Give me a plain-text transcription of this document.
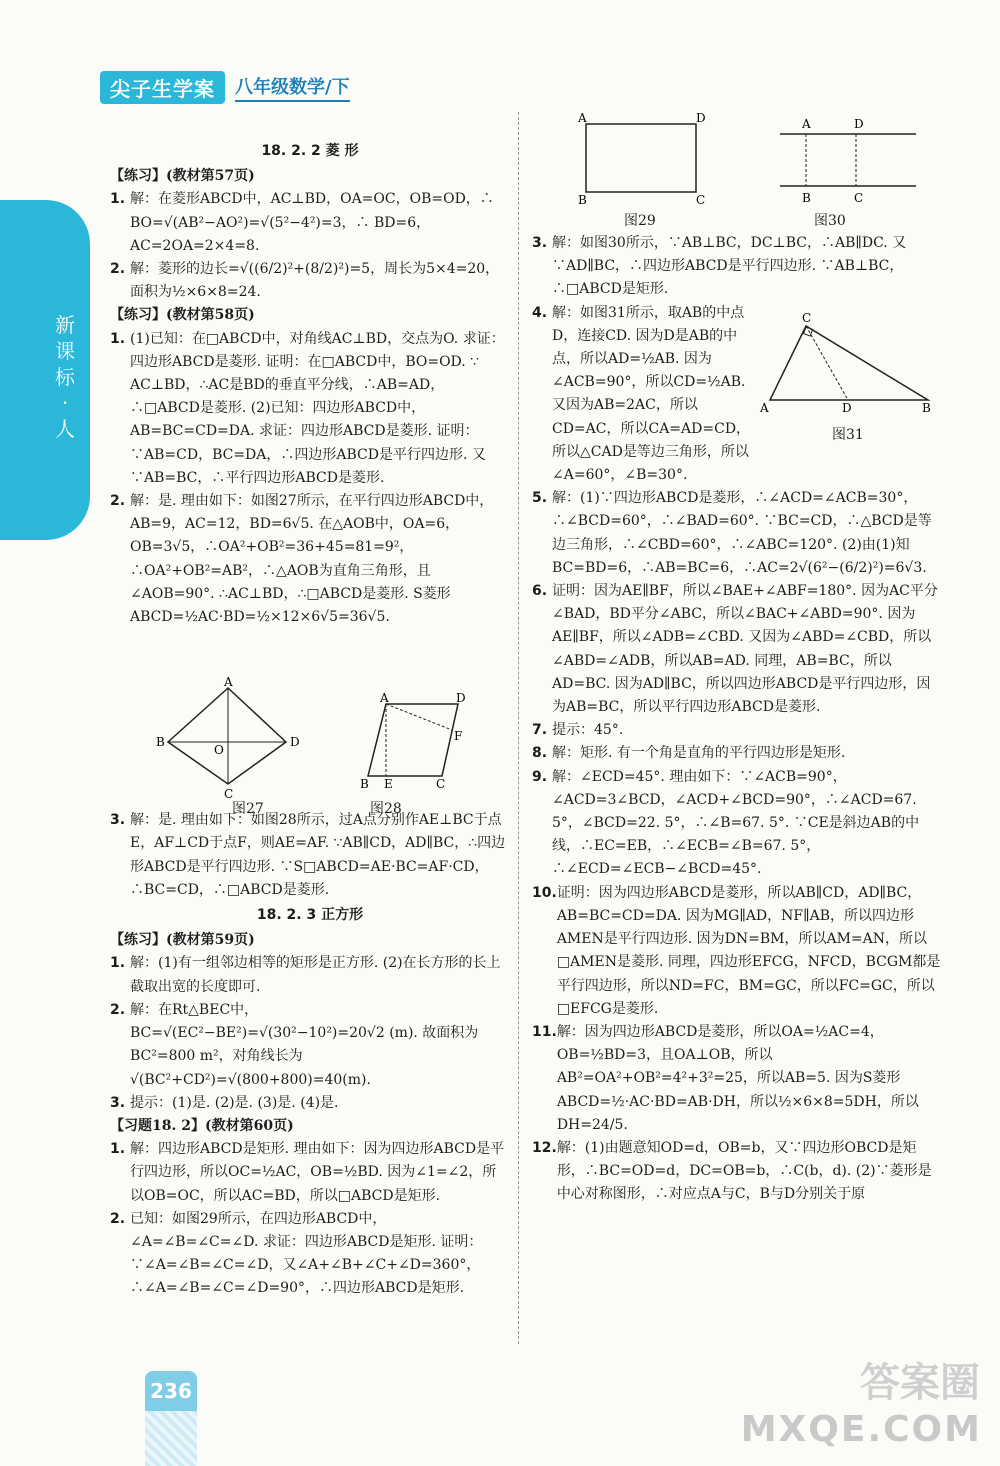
尖子生学案	八年级数学/下
新课标·人
18. 2. 2 菱 形
【练习】(教材第57页)
1. 解：在菱形ABCD中，AC⊥BD，OA=OC，OB=OD，∴ BO=√(AB²−AO²)=√(5²−4²)=3，∴ BD=6，AC=2OA=2×4=8.
2. 解：菱形的边长=√((6/2)²+(8/2)²)=5，周长为5×4=20，面积为½×6×8=24.
【练习】(教材第58页)
1. (1)已知：在□ABCD中，对角线AC⊥BD，交点为O. 求证：四边形ABCD是菱形. 证明：在□ABCD中，BO=OD. ∵ AC⊥BD，∴AC是BD的垂直平分线，∴AB=AD，∴□ABCD是菱形. (2)已知：四边形ABCD中，AB=BC=CD=DA. 求证：四边形ABCD是菱形. 证明：∵AB=CD，BC=DA，∴四边形ABCD是平行四边形. 又∵AB=BC，∴平行四边形ABCD是菱形.
2. 解：是. 理由如下：如图27所示，在平行四边形ABCD中，AB=9，AC=12，BD=6√5. 在△AOB中，OA=6，OB=3√5，∴OA²+OB²=36+45=81=9²，∴OA²+OB²=AB²，∴△AOB为直角三角形，且∠AOB=90°. ∴AC⊥BD，∴□ABCD是菱形. S菱形ABCD=½AC·BD=½×12×6√5=36√5.
3. 解：是. 理由如下：如图28所示，过A点分别作AE⊥BC于点E，AF⊥CD于点F，则AE=AF. ∵AB∥CD，AD∥BC，∴四边形ABCD是平行四边形. ∵S□ABCD=AE·BC=AF·CD，∴BC=CD，∴□ABCD是菱形.
18. 2. 3 正方形
【练习】(教材第59页)
1. 解：(1)有一组邻边相等的矩形是正方形. (2)在长方形的长上截取出宽的长度即可.
2. 解：在Rt△BEC中，BC=√(EC²−BE²)=√(30²−10²)=20√2 (m). 故面积为BC²=800 m²，对角线长为√(BC²+CD²)=√(800+800)=40(m).
3. 提示：(1)是. (2)是. (3)是. (4)是.
【习题18. 2】(教材第60页)
1. 解：四边形ABCD是矩形. 理由如下：因为四边形ABCD是平行四边形，所以OC=½AC，OB=½BD. 因为∠1=∠2，所以OB=OC，所以AC=BD，所以□ABCD是矩形.
2. 已知：如图29所示，在四边形ABCD中，∠A=∠B=∠C=∠D. 求证：四边形ABCD是矩形. 证明：∵∠A=∠B=∠C=∠D，又∠A+∠B+∠C+∠D=360°，∴∠A=∠B=∠C=∠D=90°，∴四边形ABCD是矩形.
A
B	D
C
O
图27
A	D
F
E
B	C
图28
A	D
B	C
图29
A	D
B	C
图30
C
A	D	B
图31
3. 解：如图30所示，∵AB⊥BC，DC⊥BC，∴AB∥DC. 又∵AD∥BC，∴四边形ABCD是平行四边形. ∵AB⊥BC，∴□ABCD是矩形.
4. 解：如图31所示，取AB的中点D，连接CD. 因为D是AB的中点，所以AD=½AB. 因为∠ACB=90°，所以CD=½AB. 又因为AB=2AC，所以CD=AC，所以CA=AD=CD，所以△CAD是等边三角形，所以∠A=60°，∠B=30°.
5. 解：(1)∵四边形ABCD是菱形，∴∠ACD=∠ACB=30°，∴∠BCD=60°，∴∠BAD=60°. ∵BC=CD，∴△BCD是等边三角形，∴∠CBD=60°，∴∠ABC=120°. (2)由(1)知BC=BD=6，∴AB=BC=6，∴AC=2√(6²−(6/2)²)=6√3.
6. 证明：因为AE∥BF，所以∠BAE+∠ABF=180°. 因为AC平分∠BAD，BD平分∠ABC，所以∠BAC+∠ABD=90°. 因为AE∥BF，所以∠ADB=∠CBD. 又因为∠ABD=∠CBD，所以∠ABD=∠ADB，所以AB=AD. 同理，AB=BC，所以AD=BC. 因为AD∥BC，所以四边形ABCD是平行四边形，因为AB=BC，所以平行四边形ABCD是菱形.
7. 提示：45°.
8. 解：矩形. 有一个角是直角的平行四边形是矩形.
9. 解：∠ECD=45°. 理由如下：∵∠ACB=90°，∠ACD=3∠BCD，∠ACD+∠BCD=90°，∴∠ACD=67. 5°，∠BCD=22. 5°，∴∠B=67. 5°. ∵CE是斜边AB的中线，∴EC=EB，∴∠ECB=∠B=67. 5°，∴∠ECD=∠ECB−∠BCD=45°.
10. 证明：因为四边形ABCD是菱形，所以AB∥CD，AD∥BC，AB=BC=CD=DA. 因为MG∥AD，NF∥AB，所以四边形AMEN是平行四边形. 因为DN=BM，所以AM=AN，所以□AMEN是菱形. 同理，四边形EFCG，NFCD，BCGM都是平行四边形，所以ND=FC，BM=GC，所以FC=GC，所以□EFCG是菱形.
11. 解：因为四边形ABCD是菱形，所以OA=½AC=4，OB=½BD=3，且OA⊥OB，所以AB²=OA²+OB²=4²+3²=25，所以AB=5. 因为S菱形ABCD=½·AC·BD=AB·DH，所以½×6×8=5DH，所以DH=24/5.
12. 解：(1)由题意知OD=d，OB=b，又∵四边形OBCD是矩形，∴BC=OD=d，DC=OB=b，∴C(b，d). (2)∵菱形是中心对称图形，∴对应点A与C，B与D分别关于原
236	答案圈
MXQE.COM
